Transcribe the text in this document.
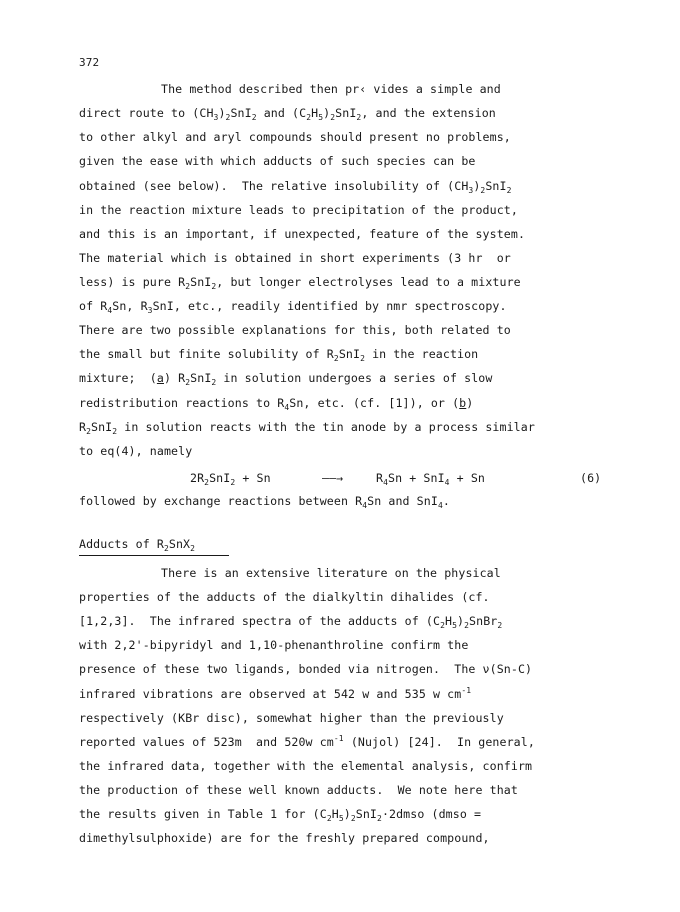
372
The method described then pr‹ vides a simple and
direct route to $(CH_3)_2SnI_2$ and $(C_2H_5)_2SnI_2$, and the extension
to other alkyl and aryl compounds should present no problems,
given the ease with which adducts of such species can be
obtained (see below).  The relative insolubility of $(CH_3)_2SnI_2$
in the reaction mixture leads to precipitation of the product,
and this is an important, if unexpected, feature of the system.
The material which is obtained in short experiments (3 hr  or
less) is pure $R_2SnI_2$, but longer electrolyses lead to a mixture
of $R_4Sn$, $R_3SnI$, etc., readily identified by nmr spectroscopy.
There are two possible explanations for this, both related to
the small but finite solubility of $R_2SnI_2$ in the reaction
mixture;  (a) $R_2SnI_2$ in solution undergoes a series of slow
redistribution reactions to $R_4Sn$, etc. (cf. [1]), or (b)
$R_2SnI_2$ in solution reacts with the tin anode by a process similar
to eq(4), namely
$2R_2SnI_2 + Sn$	——→	$R_4Sn + SnI_4 + Sn$	(6)
followed by exchange reactions between $R_4Sn$ and SnI$_4$.
Adducts of $R_2SnX_2$
There is an extensive literature on the physical
properties of the adducts of the dialkyltin dihalides (cf.
[1,2,3].  The infrared spectra of the adducts of $(C_2H_5)_2SnBr_2$
with 2,2'-bipyridyl and 1,10-phenanthroline confirm the
presence of these two ligands, bonded via nitrogen.  The ν(Sn-C)
infrared vibrations are observed at 542 w and 535 w $cm^{-1}$
respectively (KBr disc), somewhat higher than the previously
reported values of 523m  and 520w $cm^{-1}$ (Nujol) [24].  In general,
the infrared data, together with the elemental analysis, confirm
the production of these well known adducts.  We note here that
the results given in Table 1 for $(C_2H_5)_2SnI_2\cdot 2dmso$ (dmso =
dimethylsulphoxide) are for the freshly prepared compound,
